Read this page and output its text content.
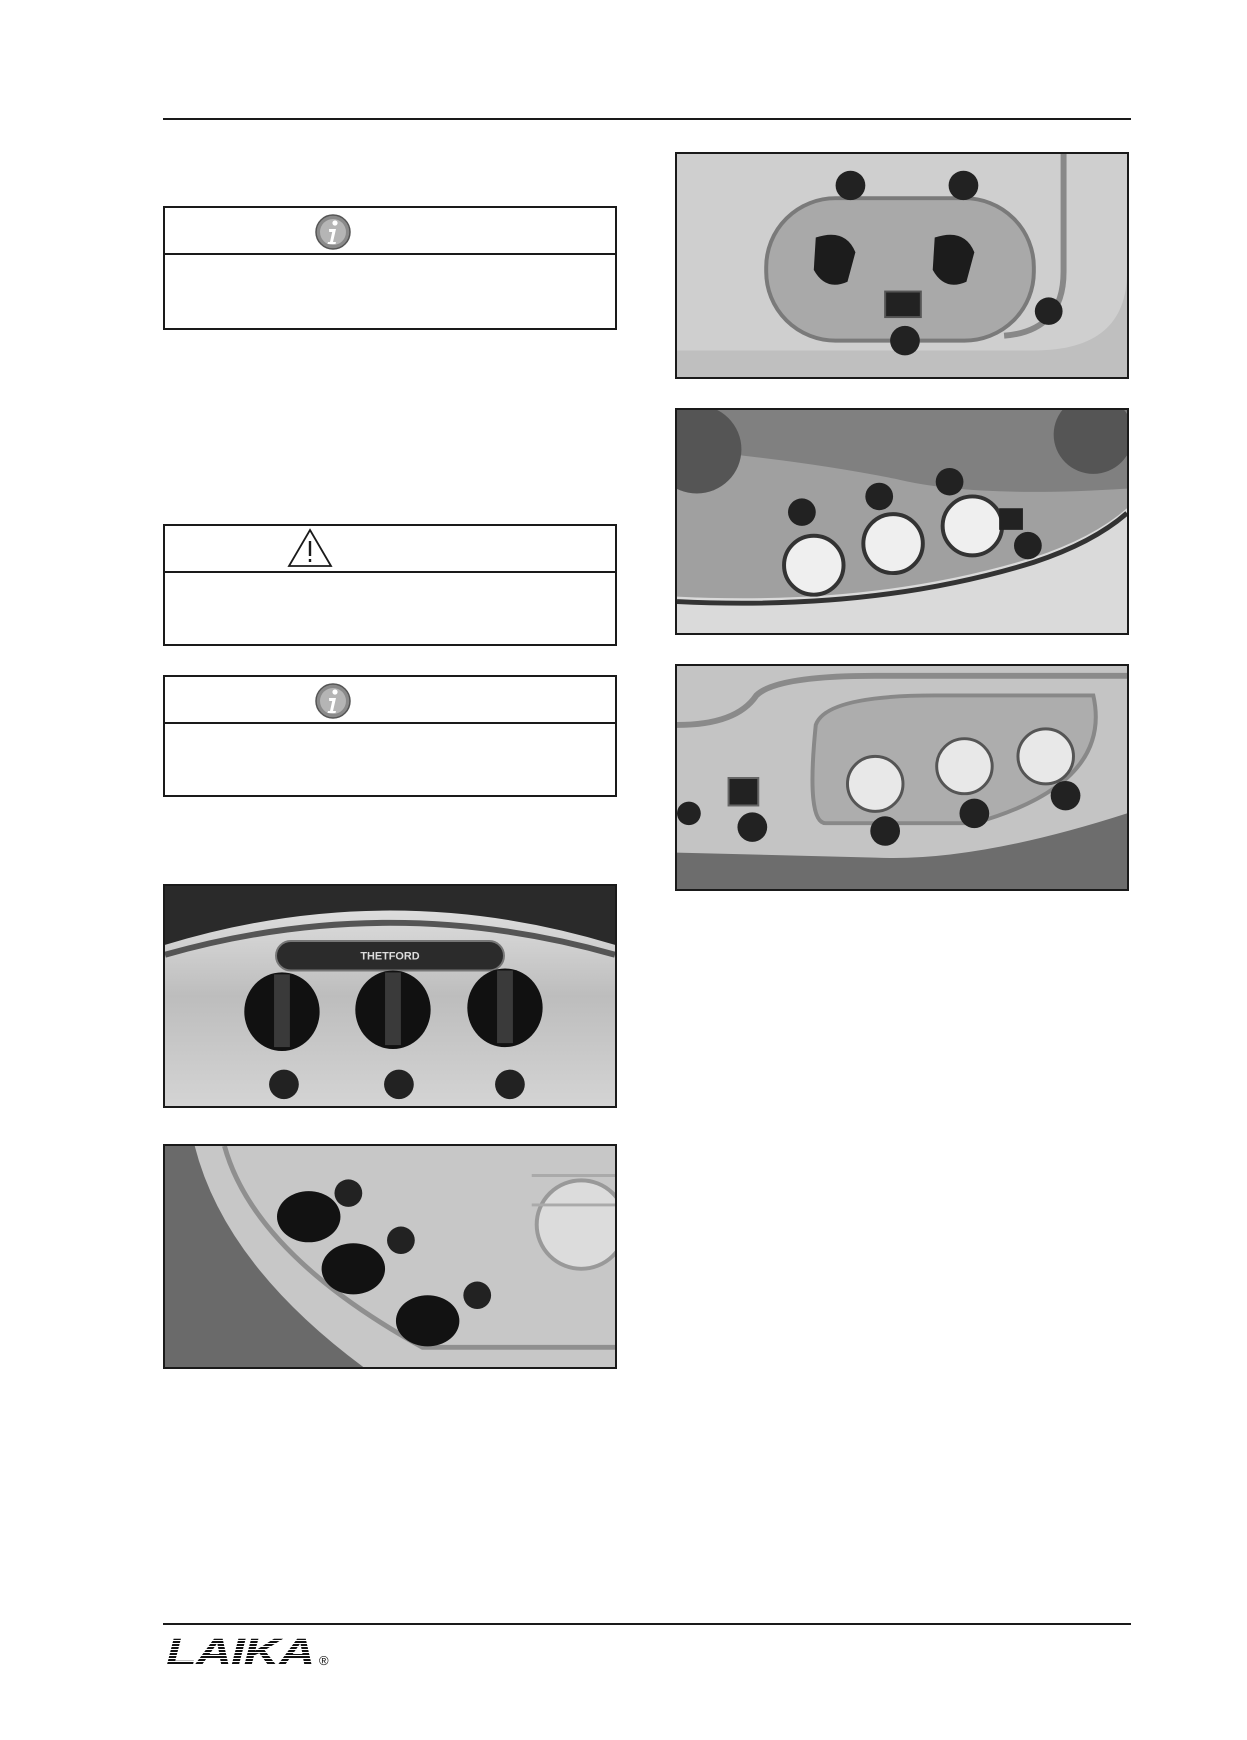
THETFORD
LAIKA ®
